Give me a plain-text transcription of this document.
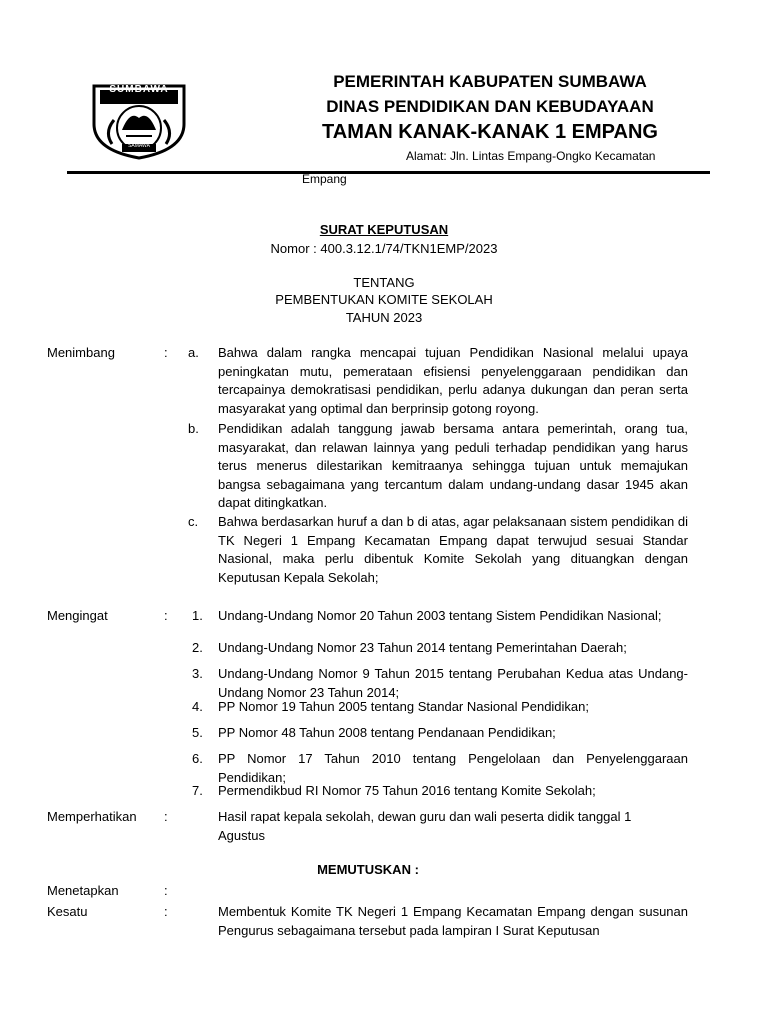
SUMBAWA
SAMAWA
PEMERINTAH KABUPATEN SUMBAWA
DINAS PENDIDIKAN DAN KEBUDAYAAN
TAMAN KANAK-KANAK 1 EMPANG
Alamat: Jln. Lintas Empang-Ongko Kecamatan
Empang
SURAT KEPUTUSAN
Nomor : 400.3.12.1/74/TKN1EMP/2023
TENTANG
PEMBENTUKAN KOMITE SEKOLAH
TAHUN 2023
Menimbang	: a. Bahwa dalam rangka mencapai tujuan Pendidikan Nasional melalui upaya peningkatan mutu, pemerataan efisiensi penyelenggaraan pendidikan dan tercapainya demokratisasi pendidikan, perlu adanya dukungan dan peran serta masyarakat yang optimal dan berprinsip gotong royong.
b. Pendidikan adalah tanggung jawab bersama antara pemerintah, orang tua, masyarakat, dan relawan lainnya yang peduli terhadap pendidikan yang harus terus menerus dilestarikan kemitraanya sehingga tujuan untuk memajukan bangsa sebagaimana yang tercantum dalam undang-undang dasar 1945 akan dapat ditingkatkan.
c. Bahwa berdasarkan huruf a dan b di atas, agar pelaksanaan sistem pendidikan di TK Negeri 1 Empang Kecamatan Empang dapat terwujud sesuai Standar Nasional, maka perlu dibentuk Komite Sekolah yang dituangkan dengan Keputusan Kepala Sekolah;
Mengingat	: 1. Undang-Undang Nomor 20 Tahun 2003 tentang Sistem Pendidikan Nasional;
2. Undang-Undang Nomor 23 Tahun 2014 tentang Pemerintahan Daerah;
3. Undang-Undang Nomor 9 Tahun 2015 tentang Perubahan Kedua atas Undang-Undang Nomor 23 Tahun 2014;
4. PP Nomor 19 Tahun 2005 tentang Standar Nasional Pendidikan;
5. PP Nomor 48 Tahun 2008 tentang Pendanaan Pendidikan;
6. PP Nomor 17 Tahun 2010 tentang Pengelolaan dan Penyelenggaraan Pendidikan;
7. Permendikbud RI Nomor 75 Tahun 2016 tentang Komite Sekolah;
Memperhatikan :	Hasil rapat kepala sekolah, dewan guru dan wali peserta didik tanggal 1 Agustus
MEMUTUSKAN :
Menetapkan	:
Kesatu	:	Membentuk Komite TK Negeri 1 Empang Kecamatan Empang dengan susunan Pengurus sebagaimana tersebut pada lampiran I Surat Keputusan
